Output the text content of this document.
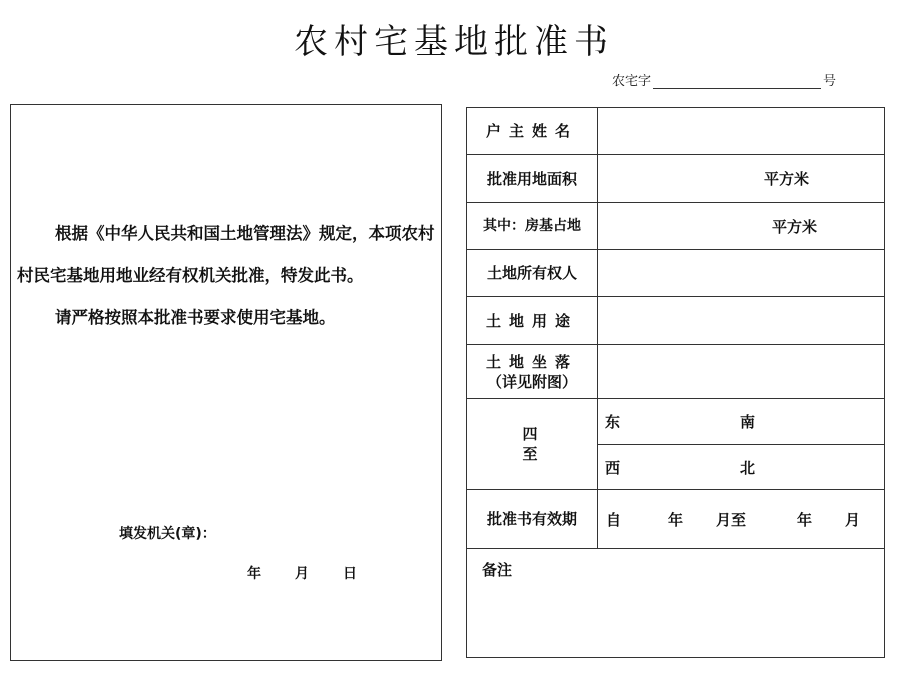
农村宅基地批准书
农宅字	号

根据《中华人民共和国土地管理法》规定，本项农村村民宅基地用地业经有权机关批准，特发此书。

请严格按照本批准书要求使用宅基地。

填发机关(章)：
年	月	日
户主姓名
批准用地面积	平方米
其中：房基占地	平方米
土地所有权人
土地用途
土地坐落
（详见附图）
四 至
东	南
西	北
批准书有效期	自	年 月至	年 月
备注
